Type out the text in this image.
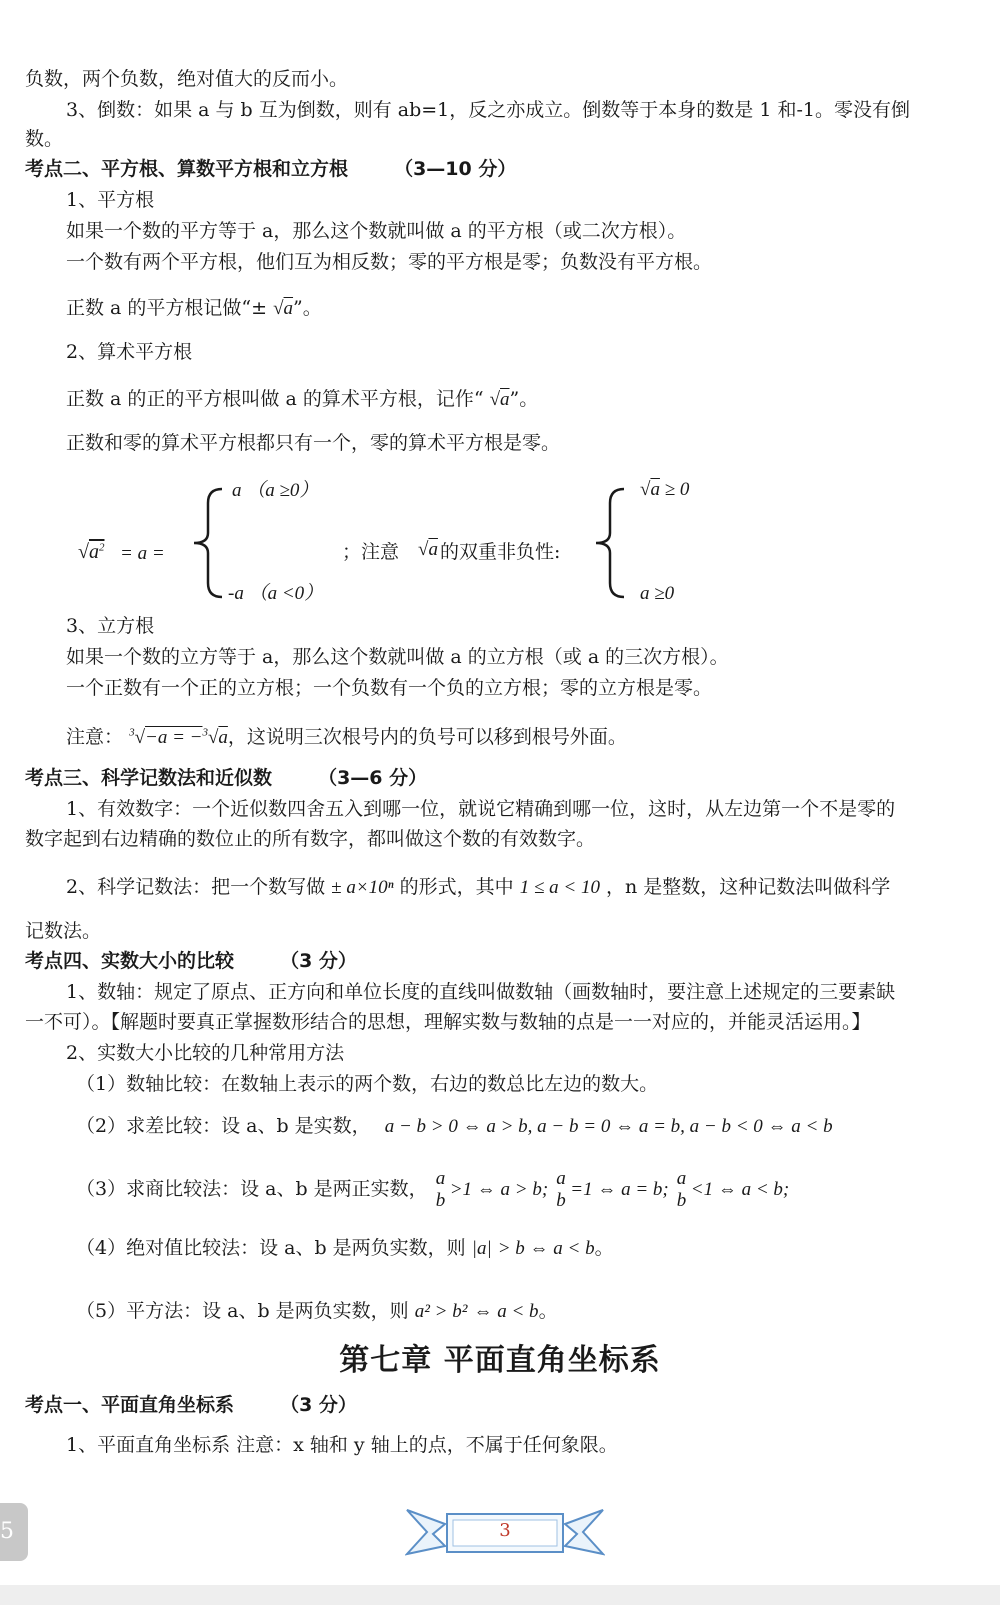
负数，两个负数，绝对值大的反而小。
3、倒数：如果 a 与 b 互为倒数，则有 ab=1，反之亦成立。倒数等于本身的数是 1 和-1。零没有倒
数。
考点二、平方根、算数平方根和立方根 （3—10 分）
1、平方根
如果一个数的平方等于 a，那么这个数就叫做 a 的平方根（或二次方根）。
一个数有两个平方根，他们互为相反数；零的平方根是零；负数没有平方根。
正数 a 的平方根记做“± √a”。
2、算术平方根
正数 a 的正的平方根叫做 a 的算术平方根，记作“ √a”。
正数和零的算术平方根都只有一个，零的算术平方根是零。
$√a^2 = a$ =
a （a ≥0）
-a （a <0）
；注意 √a 的双重非负性:
√a ≥ 0
a ≥0
3、立方根
如果一个数的立方等于 a，那么这个数就叫做 a 的立方根（或 a 的三次方根）。
一个正数有一个正的立方根；一个负数有一个负的立方根；零的立方根是零。
注意： $^3$√−a = −$^3$√a，这说明三次根号内的负号可以移到根号外面。
考点三、科学记数法和近似数 （3—6 分）
1、有效数字：一个近似数四舍五入到哪一位，就说它精确到哪一位，这时，从左边第一个不是零的
数字起到右边精确的数位止的所有数字，都叫做这个数的有效数字。
2、科学记数法：把一个数写做 ± a×10ⁿ 的形式，其中 1 ≤ a < 10 ，n 是整数，这种记数法叫做科学
记数法。
考点四、实数大小的比较 （3 分）
1、数轴：规定了原点、正方向和单位长度的直线叫做数轴（画数轴时，要注意上述规定的三要素缺
一不可）。【解题时要真正掌握数形结合的思想，理解实数与数轴的点是一一对应的，并能灵活运用。】
2、实数大小比较的几种常用方法
（1）数轴比较：在数轴上表示的两个数，右边的数总比左边的数大。
（2）求差比较：设 a、b 是实数， a − b > 0 ⇔ a > b, a − b = 0 ⇔ a = b, a − b < 0 ⇔ a < b
（3）求商比较法：设 a、b 是两正实数， a
b
>1 ⇔ a > b;
a
b
=1 ⇔ a = b;
a
b
<1 ⇔ a < b;
（4）绝对值比较法：设 a、b 是两负实数，则 |a| > b ⇔ a < b。
（5）平方法：设 a、b 是两负实数，则 a² > b² ⇔ a < b。
第七章 平面直角坐标系
考点一、平面直角坐标系 （3 分）
1、平面直角坐标系 注意：x 轴和 y 轴上的点，不属于任何象限。
3
5
